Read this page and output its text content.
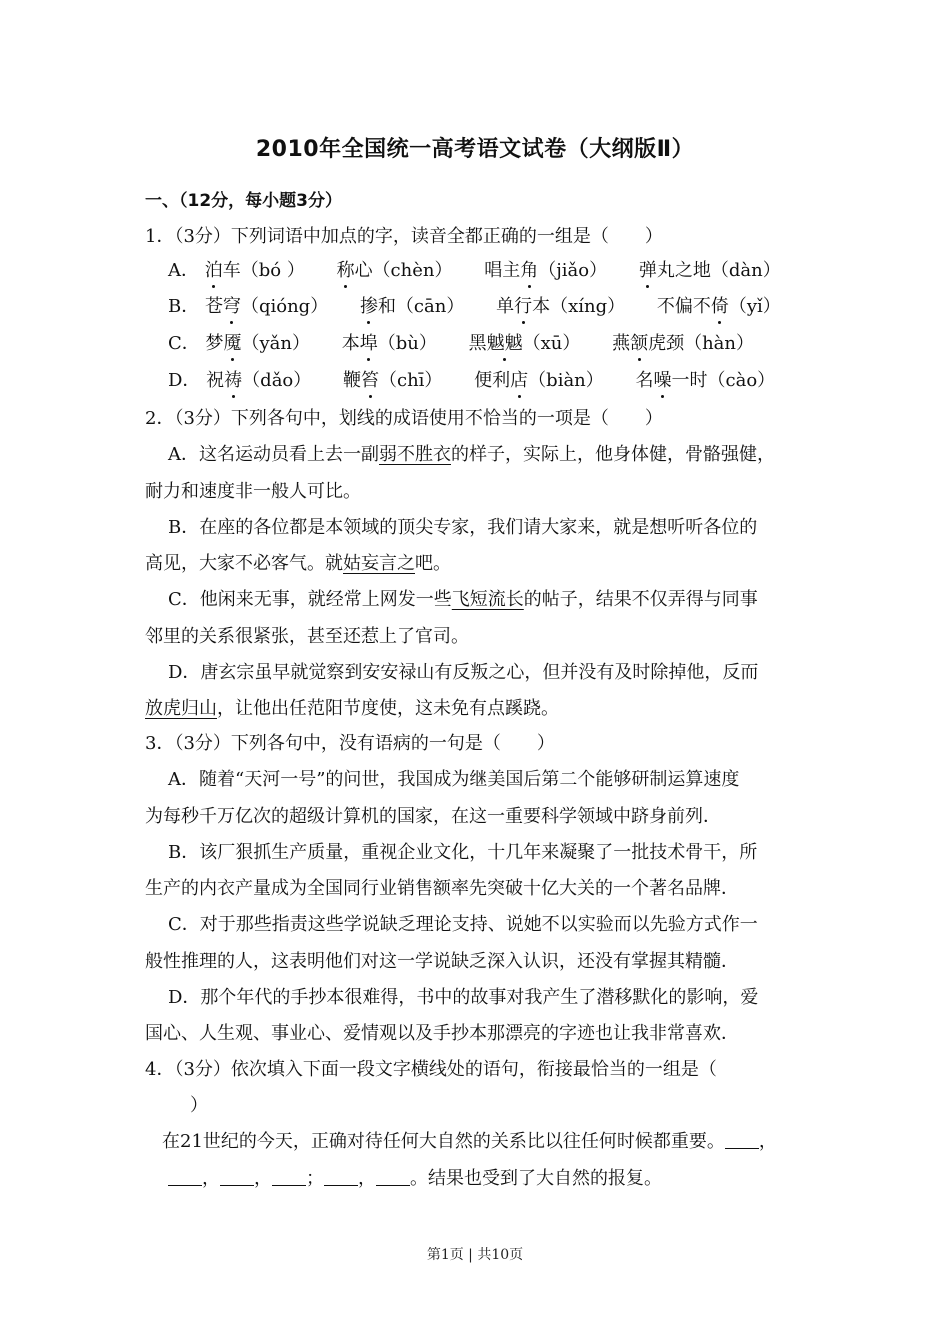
2010年全国统一高考语文试卷（大纲版Ⅱ）
一、（12分，每小题3分）
1．（3分）下列词语中加点的字，读音全都正确的一组是（　　）
A． 泊车（bó ） 称心（chèn） 唱主角（jiǎo） 弹丸之地（dàn）
B． 苍穹（qióng） 掺和（cān） 单行本（xíng） 不偏不倚（yǐ）
C． 梦魇（yǎn） 本埠（bù） 黑魆魆（xū） 燕颔虎颈（hàn）
D． 祝祷（dǎo） 鞭笞（chī） 便利店（biàn） 名噪一时（cào）
2．（3分）下列各句中，划线的成语使用不恰当的一项是（　　）
A．这名运动员看上去一副弱不胜衣的样子，实际上，他身体健，骨骼强健，
耐力和速度非一般人可比。
B．在座的各位都是本领域的顶尖专家，我们请大家来，就是想听听各位的
高见，大家不必客气。就姑妄言之吧。
C．他闲来无事，就经常上网发一些飞短流长的帖子，结果不仅弄得与同事
邻里的关系很紧张，甚至还惹上了官司。
D．唐玄宗虽早就觉察到安安禄山有反叛之心，但并没有及时除掉他，反而
放虎归山，让他出任范阳节度使，这未免有点蹊跷。
3．（3分）下列各句中，没有语病的一句是（　　）
A．随着“天河一号”的问世，我国成为继美国后第二个能够研制运算速度
为每秒千万亿次的超级计算机的国家，在这一重要科学领域中跻身前列．
B．该厂狠抓生产质量，重视企业文化，十几年来凝聚了一批技术骨干，所
生产的内衣产量成为全国同行业销售额率先突破十亿大关的一个著名品牌．
C．对于那些指责这些学说缺乏理论支持、说她不以实验而以先验方式作一
般性推理的人，这表明他们对这一学说缺乏深入认识，还没有掌握其精髓．
D．那个年代的手抄本很难得，书中的故事对我产生了潜移默化的影响，爱
国心、人生观、事业心、爱情观以及手抄本那漂亮的字迹也让我非常喜欢．
4．（3分）依次填入下面一段文字横线处的语句，衔接最恰当的一组是（
）
在21世纪的今天，正确对待任何大自然的关系比以往任何时候都重要。 ，
， ， ； ， 。结果也受到了大自然的报复。
第1页 | 共10页
